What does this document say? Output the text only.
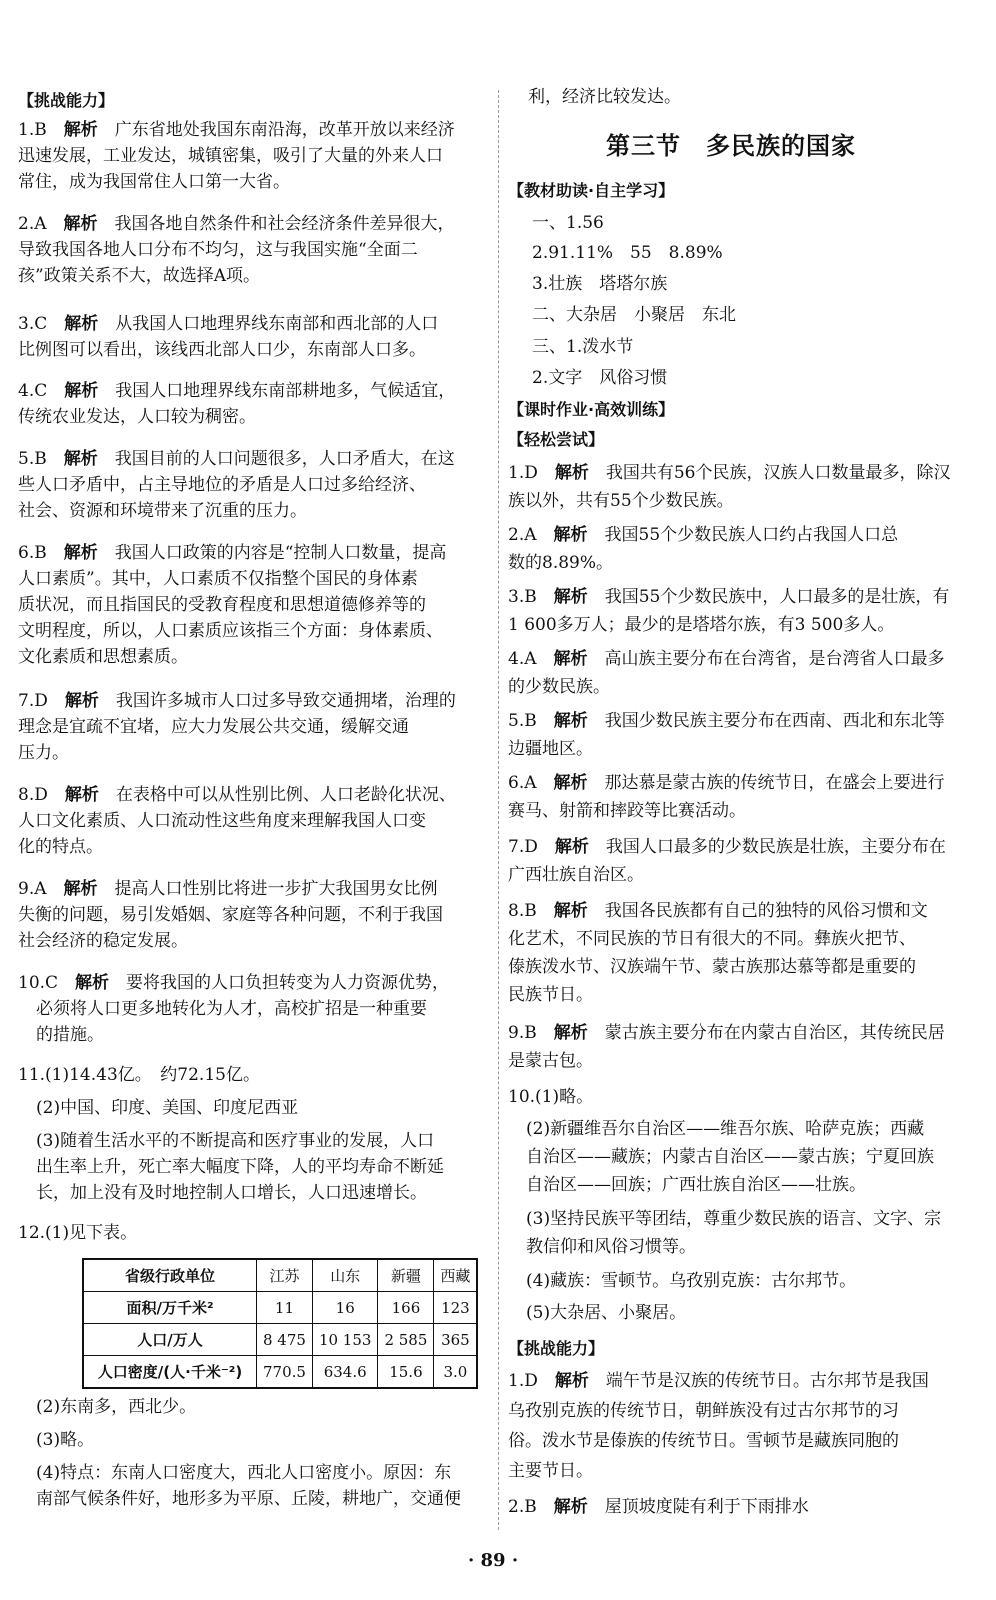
【挑战能力】
1.B　 解析　 广东省地处我国东南沿海，改革开放以来经济
迅速发展，工业发达，城镇密集，吸引了大量的外来人口
常住，成为我国常住人口第一大省。
2.A　 解析　 我国各地自然条件和社会经济条件差异很大，
导致我国各地人口分布不均匀，这与我国实施“全面二
孩”政策关系不大，故选择A项。
3.C　 解析　 从我国人口地理界线东南部和西北部的人口
比例图可以看出，该线西北部人口少，东南部人口多。
4.C　 解析　 我国人口地理界线东南部耕地多，气候适宜，
传统农业发达，人口较为稠密。
5.B　 解析　 我国目前的人口问题很多，人口矛盾大，在这
些人口矛盾中，占主导地位的矛盾是人口过多给经济、
社会、资源和环境带来了沉重的压力。
6.B　 解析　 我国人口政策的内容是“控制人口数量，提高
人口素质”。其中，人口素质不仅指整个国民的身体素
质状况，而且指国民的受教育程度和思想道德修养等的
文明程度，所以，人口素质应该指三个方面：身体素质、
文化素质和思想素质。
7.D　 解析　 我国许多城市人口过多导致交通拥堵，治理的
理念是宜疏不宜堵，应大力发展公共交通，缓解交通
压力。
8.D　 解析　 在表格中可以从性别比例、人口老龄化状况、
人口文化素质、人口流动性这些角度来理解我国人口变
化的特点。
9.A　 解析　 提高人口性别比将进一步扩大我国男女比例
失衡的问题，易引发婚姻、家庭等各种问题，不利于我国
社会经济的稳定发展。
10.C　 解析　 要将我国的人口负担转变为人力资源优势，
必须将人口更多地转化为人才，高校扩招是一种重要
的措施。
11.(1)14.43亿。　约72.15亿。
(2)中国、印度、美国、印度尼西亚
(3)随着生活水平的不断提高和医疗事业的发展，人口
出生率上升，死亡率大幅度下降，人的平均寿命不断延
长，加上没有及时地控制人口增长，人口迅速增长。
12.(1)见下表。
省级行政单位	江苏	山东	新疆	西藏
面积/万千米²	11	16	166	123
人口/万人	8 475	10 153	2 585	365
人口密度/(人·千米⁻²)	770.5	634.6	15.6	3.0
(2)东南多，西北少。
(3)略。
(4)特点：东南人口密度大，西北人口密度小。原因：东
南部气候条件好，地形多为平原、丘陵，耕地广，交通便
利，经济比较发达。
第三节　多民族的国家
【教材助读·自主学习】
一、1.56
2.91.11%　55　8.89%
3.壮族　塔塔尔族
二、大杂居　小聚居　东北
三、1.泼水节
2.文字　风俗习惯
【课时作业·高效训练】
【轻松尝试】
1.D　 解析　 我国共有56个民族，汉族人口数量最多，除汉
族以外，共有55个少数民族。
2.A　 解析　 我国55个少数民族人口约占我国人口总
数的8.89%。
3.B　 解析　 我国55个少数民族中，人口最多的是壮族，有
1 600多万人；最少的是塔塔尔族，有3 500多人。
4.A　 解析　 高山族主要分布在台湾省，是台湾省人口最多
的少数民族。
5.B　 解析　 我国少数民族主要分布在西南、西北和东北等
边疆地区。
6.A　 解析　 那达慕是蒙古族的传统节日，在盛会上要进行
赛马、射箭和摔跤等比赛活动。
7.D　 解析　 我国人口最多的少数民族是壮族，主要分布在
广西壮族自治区。
8.B　 解析　 我国各民族都有自己的独特的风俗习惯和文
化艺术，不同民族的节日有很大的不同。彝族火把节、
傣族泼水节、汉族端午节、蒙古族那达慕等都是重要的
民族节日。
9.B　 解析　 蒙古族主要分布在内蒙古自治区，其传统民居
是蒙古包。
10.(1)略。
(2)新疆维吾尔自治区——维吾尔族、哈萨克族；西藏
自治区——藏族；内蒙古自治区——蒙古族；宁夏回族
自治区——回族；广西壮族自治区——壮族。
(3)坚持民族平等团结，尊重少数民族的语言、文字、宗
教信仰和风俗习惯等。
(4)藏族：雪顿节。乌孜别克族：古尔邦节。
(5)大杂居、小聚居。
【挑战能力】
1.D　 解析　 端午节是汉族的传统节日。古尔邦节是我国
乌孜别克族的传统节日，朝鲜族没有过古尔邦节的习
俗。泼水节是傣族的传统节日。雪顿节是藏族同胞的
主要节日。
2.B　 解析　 屋顶坡度陡有利于下雨排水
· 89 ·
